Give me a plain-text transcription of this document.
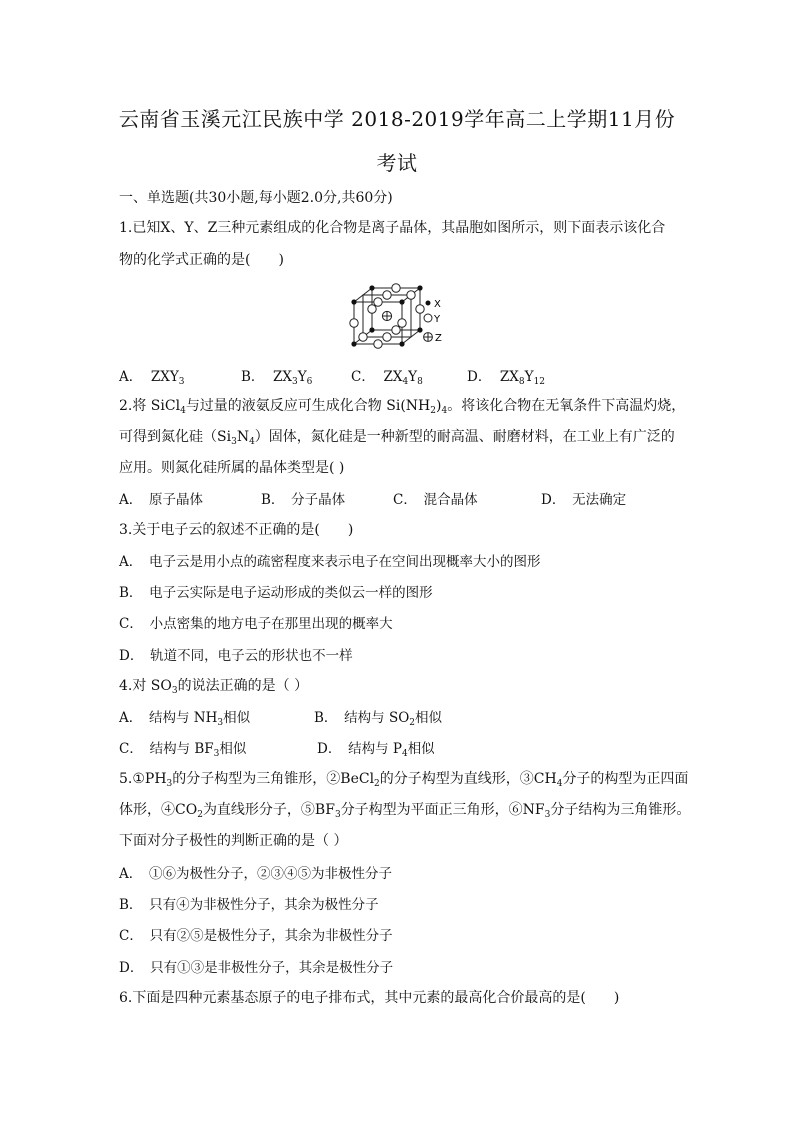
云南省玉溪元江民族中学 2018-2019学年高二上学期11月份
考试
一、单选题(共30小题,每小题2.0分,共60分)
1.已知X、Y、Z三种元素组成的化合物是离子晶体，其晶胞如图所示，则下面表示该化合
物的化学式正确的是(　　)
X
Y
Z
A． $ZXY_3$	B． $ZX_3Y_6$	C． $ZX_4Y_8$	D． $ZX_8Y_{12}$
2.将 SiCl$_4$与过量的液氨反应可生成化合物 $Si(NH_2)_4$。将该化合物在无氧条件下高温灼烧，
可得到氮化硅$(Si_3N_4)$固体，氮化硅是一种新型的耐高温、耐磨材料，在工业上有广泛的
应用。则氮化硅所属的晶体类型是( )
A．　原子晶体	B．　分子晶体	C．　混合晶体	D．　无法确定
3.关于电子云的叙述不正确的是(　　)
A．　电子云是用小点的疏密程度来表示电子在空间出现概率大小的图形
B．　电子云实际是电子运动形成的类似云一样的图形
C．　小点密集的地方电子在那里出现的概率大
D．　轨道不同，电子云的形状也不一样
4.对 $SO_3$的说法正确的是（ ）
A．　结构与 $NH_3$相似	B．　结构与 $SO_2$相似
C．　结构与 $BF_3$相似	D．　结构与 $P_4$相似
$5.①PH_3$的分子构型为三角锥形，②BeCl$_2$的分子构型为直线形，$③CH_4$分子的构型为正四面
体形，$④CO_2$为直线形分子，$⑤BF_3$分子构型为平面正三角形，$⑥NF_3$分子结构为三角锥形。
下面对分子极性的判断正确的是（ ）
A．　①⑥为极性分子，②③④⑤为非极性分子
B．　只有④为非极性分子，其余为极性分子
C．　只有②⑤是极性分子，其余为非极性分子
D．　只有①③是非极性分子，其余是极性分子
6.下面是四种元素基态原子的电子排布式，其中元素的最高化合价最高的是(　　)
